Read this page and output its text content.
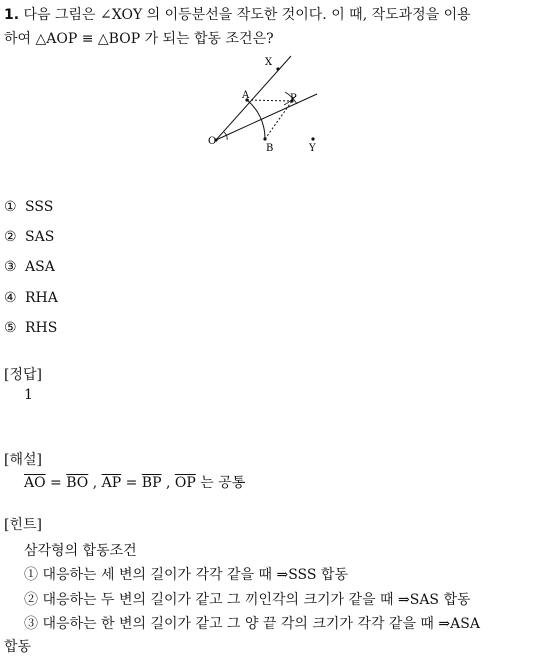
1. 다음 그림은 ∠XOY 의 이등분선을 작도한 것이다. 이 때, 작도과정을 이용
하여 △AOP ≡ △BOP 가 되는 합동 조건은?
X
A	P
O
B	Y
① SSS
② SAS
③ ASA
④ RHA
⑤ RHS
[정답]
1
[해설]
$\overline{AO} = \overline{BO}$ , $\overline{AP} = \overline{BP}$ , $\overline{OP}$ 는 공통
[힌트]
삼각형의 합동조건
① 대응하는 세 변의 길이가 각각 같을 때 ⇒SSS 합동
② 대응하는 두 변의 길이가 같고 그 끼인각의 크기가 같을 때 ⇒SAS 합동
③ 대응하는 한 변의 길이가 같고 그 양 끝 각의 크기가 각각 같을 때 ⇒ASA
합동
